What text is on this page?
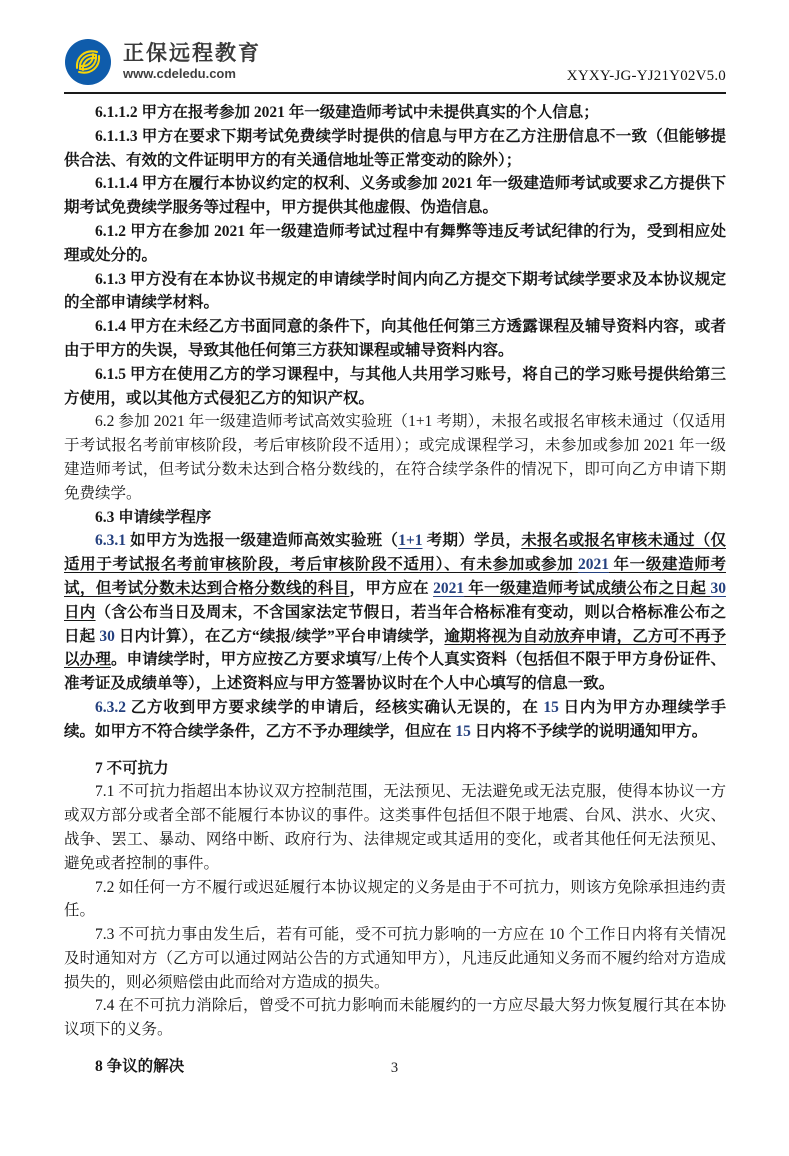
正保远程教育
www.cdeledu.com	XYXY-JG-YJ21Y02V5.0

6.1.1.2 甲方在报考参加 2021 年一级建造师考试中未提供真实的个人信息；

6.1.1.3 甲方在要求下期考试免费续学时提供的信息与甲方在乙方注册信息不一致（但能够提供合法、有效的文件证明甲方的有关通信地址等正常变动的除外）；

6.1.1.4 甲方在履行本协议约定的权利、义务或参加 2021 年一级建造师考试或要求乙方提供下期考试免费续学服务等过程中，甲方提供其他虚假、伪造信息。

6.1.2 甲方在参加 2021 年一级建造师考试过程中有舞弊等违反考试纪律的行为，受到相应处理或处分的。

6.1.3 甲方没有在本协议书规定的申请续学时间内向乙方提交下期考试续学要求及本协议规定的全部申请续学材料。

6.1.4 甲方在未经乙方书面同意的条件下，向其他任何第三方透露课程及辅导资料内容，或者由于甲方的失误，导致其他任何第三方获知课程或辅导资料内容。

6.1.5 甲方在使用乙方的学习课程中，与其他人共用学习账号，将自己的学习账号提供给第三方使用，或以其他方式侵犯乙方的知识产权。

6.2 参加 2021 年一级建造师考试高效实验班（1+1 考期），未报名或报名审核未通过（仅适用于考试报名考前审核阶段，考后审核阶段不适用）；或完成课程学习，未参加或参加 2021 年一级建造师考试，但考试分数未达到合格分数线的，在符合续学条件的情况下，即可向乙方申请下期免费续学。

6.3 申请续学程序

6.3.1 如甲方为选报一级建造师高效实验班（1+1 考期）学员，未报名或报名审核未通过（仅适用于考试报名考前审核阶段，考后审核阶段不适用）、有未参加或参加 2021 年一级建造师考试，但考试分数未达到合格分数线的科目，甲方应在 2021 年一级建造师考试成绩公布之日起 30 日内（含公布当日及周末，不含国家法定节假日，若当年合格标准有变动，则以合格标准公布之日起 30 日内计算），在乙方“续报/续学”平台申请续学，逾期将视为自动放弃申请，乙方可不再予以办理。申请续学时，甲方应按乙方要求填写/上传个人真实资料（包括但不限于甲方身份证件、准考证及成绩单等），上述资料应与甲方签署协议时在个人中心填写的信息一致。

6.3.2 乙方收到甲方要求续学的申请后，经核实确认无误的，在 15 日内为甲方办理续学手续。如甲方不符合续学条件，乙方不予办理续学，但应在 15 日内将不予续学的说明通知甲方。

7 不可抗力

7.1 不可抗力指超出本协议双方控制范围，无法预见、无法避免或无法克服，使得本协议一方或双方部分或者全部不能履行本协议的事件。这类事件包括但不限于地震、台风、洪水、火灾、战争、罢工、暴动、网络中断、政府行为、法律规定或其适用的变化，或者其他任何无法预见、避免或者控制的事件。

7.2 如任何一方不履行或迟延履行本协议规定的义务是由于不可抗力，则该方免除承担违约责任。

7.3 不可抗力事由发生后，若有可能，受不可抗力影响的一方应在 10 个工作日内将有关情况及时通知对方（乙方可以通过网站公告的方式通知甲方），凡违反此通知义务而不履约给对方造成损失的，则必须赔偿由此而给对方造成的损失。

7.4 在不可抗力消除后，曾受不可抗力影响而未能履约的一方应尽最大努力恢复履行其在本协议项下的义务。

8 争议的解决	3
